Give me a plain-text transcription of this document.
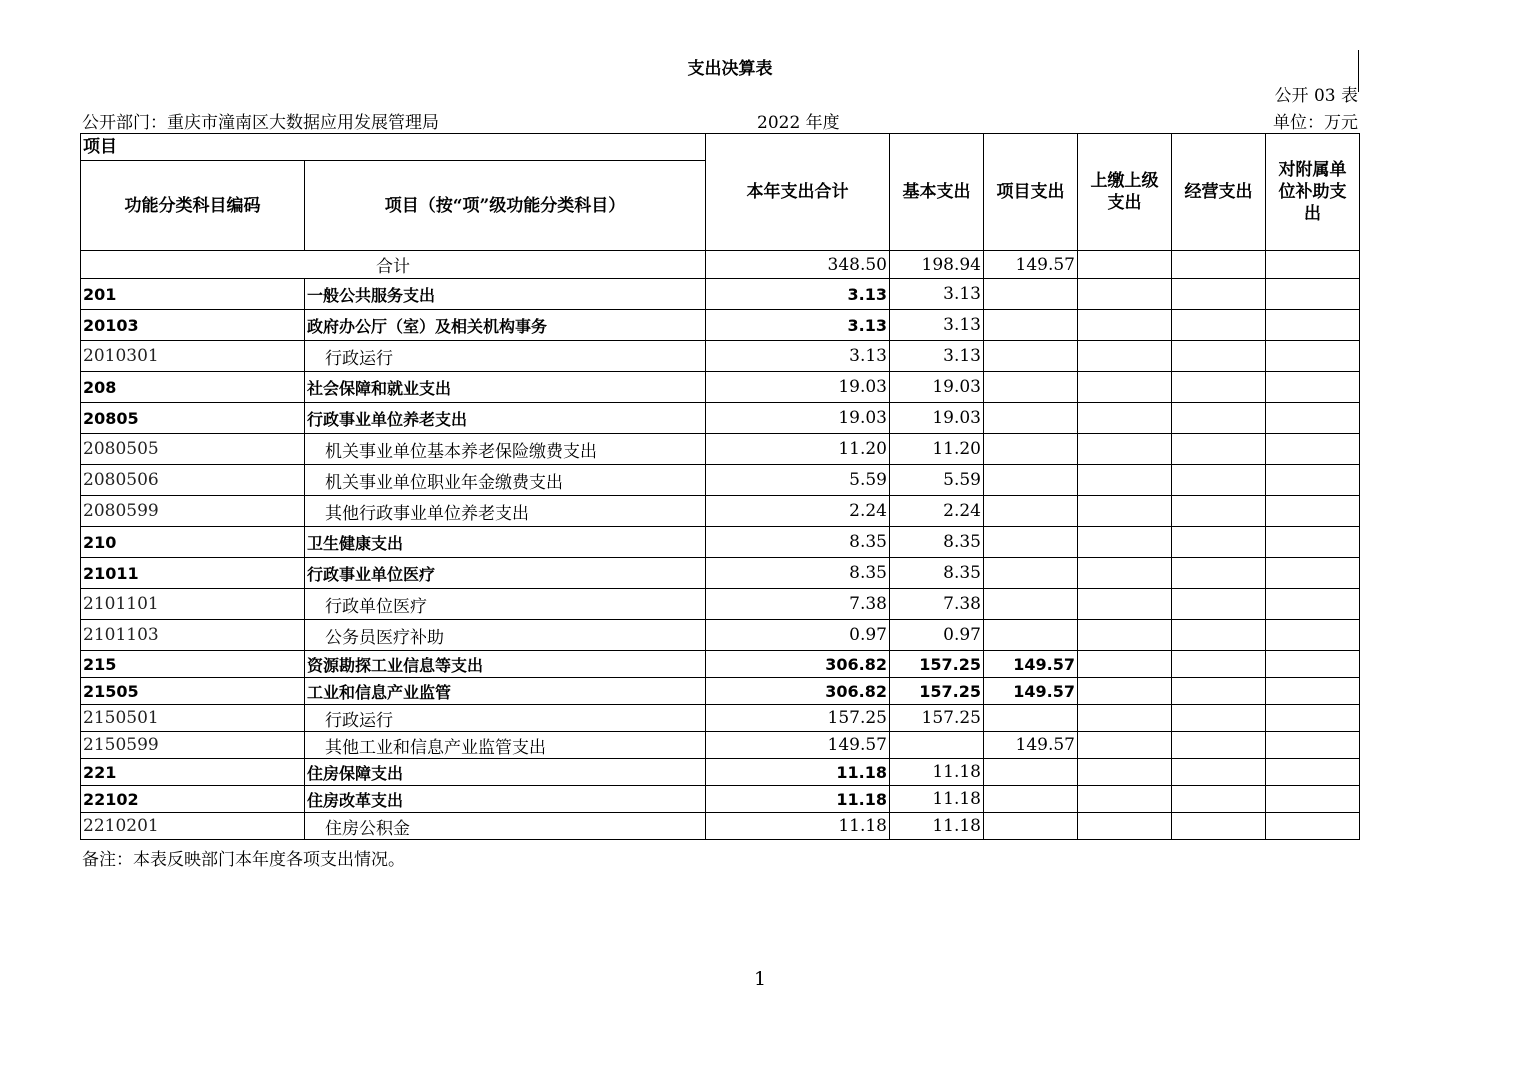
支出决算表
公开 03 表
公开部门：重庆市潼南区大数据应用发展管理局	2022 年度	单位：万元
项目		本年支出合计	基本支出	项目支出	上缴上级支出	经营支出	对附属单位补助支出
功能分类科目编码	项目（按“项”级功能分类科目）						
合计		348.50	198.94	149.57			
201	一般公共服务支出	3.13	3.13				
20103	政府办公厅（室）及相关机构事务	3.13	3.13				
2010301	行政运行	3.13	3.13				
208	社会保障和就业支出	19.03	19.03				
20805	行政事业单位养老支出	19.03	19.03				
2080505	机关事业单位基本养老保险缴费支出	11.20	11.20				
2080506	机关事业单位职业年金缴费支出	5.59	5.59				
2080599	其他行政事业单位养老支出	2.24	2.24				
210	卫生健康支出	8.35	8.35				
21011	行政事业单位医疗	8.35	8.35				
2101101	行政单位医疗	7.38	7.38				
2101103	公务员医疗补助	0.97	0.97				
215	资源勘探工业信息等支出	306.82	157.25	149.57			
21505	工业和信息产业监管	306.82	157.25	149.57			
2150501	行政运行	157.25	157.25				
2150599	其他工业和信息产业监管支出	149.57		149.57			
221	住房保障支出	11.18	11.18				
22102	住房改革支出	11.18	11.18				
2210201	住房公积金	11.18	11.18				
备注：本表反映部门本年度各项支出情况。
1
